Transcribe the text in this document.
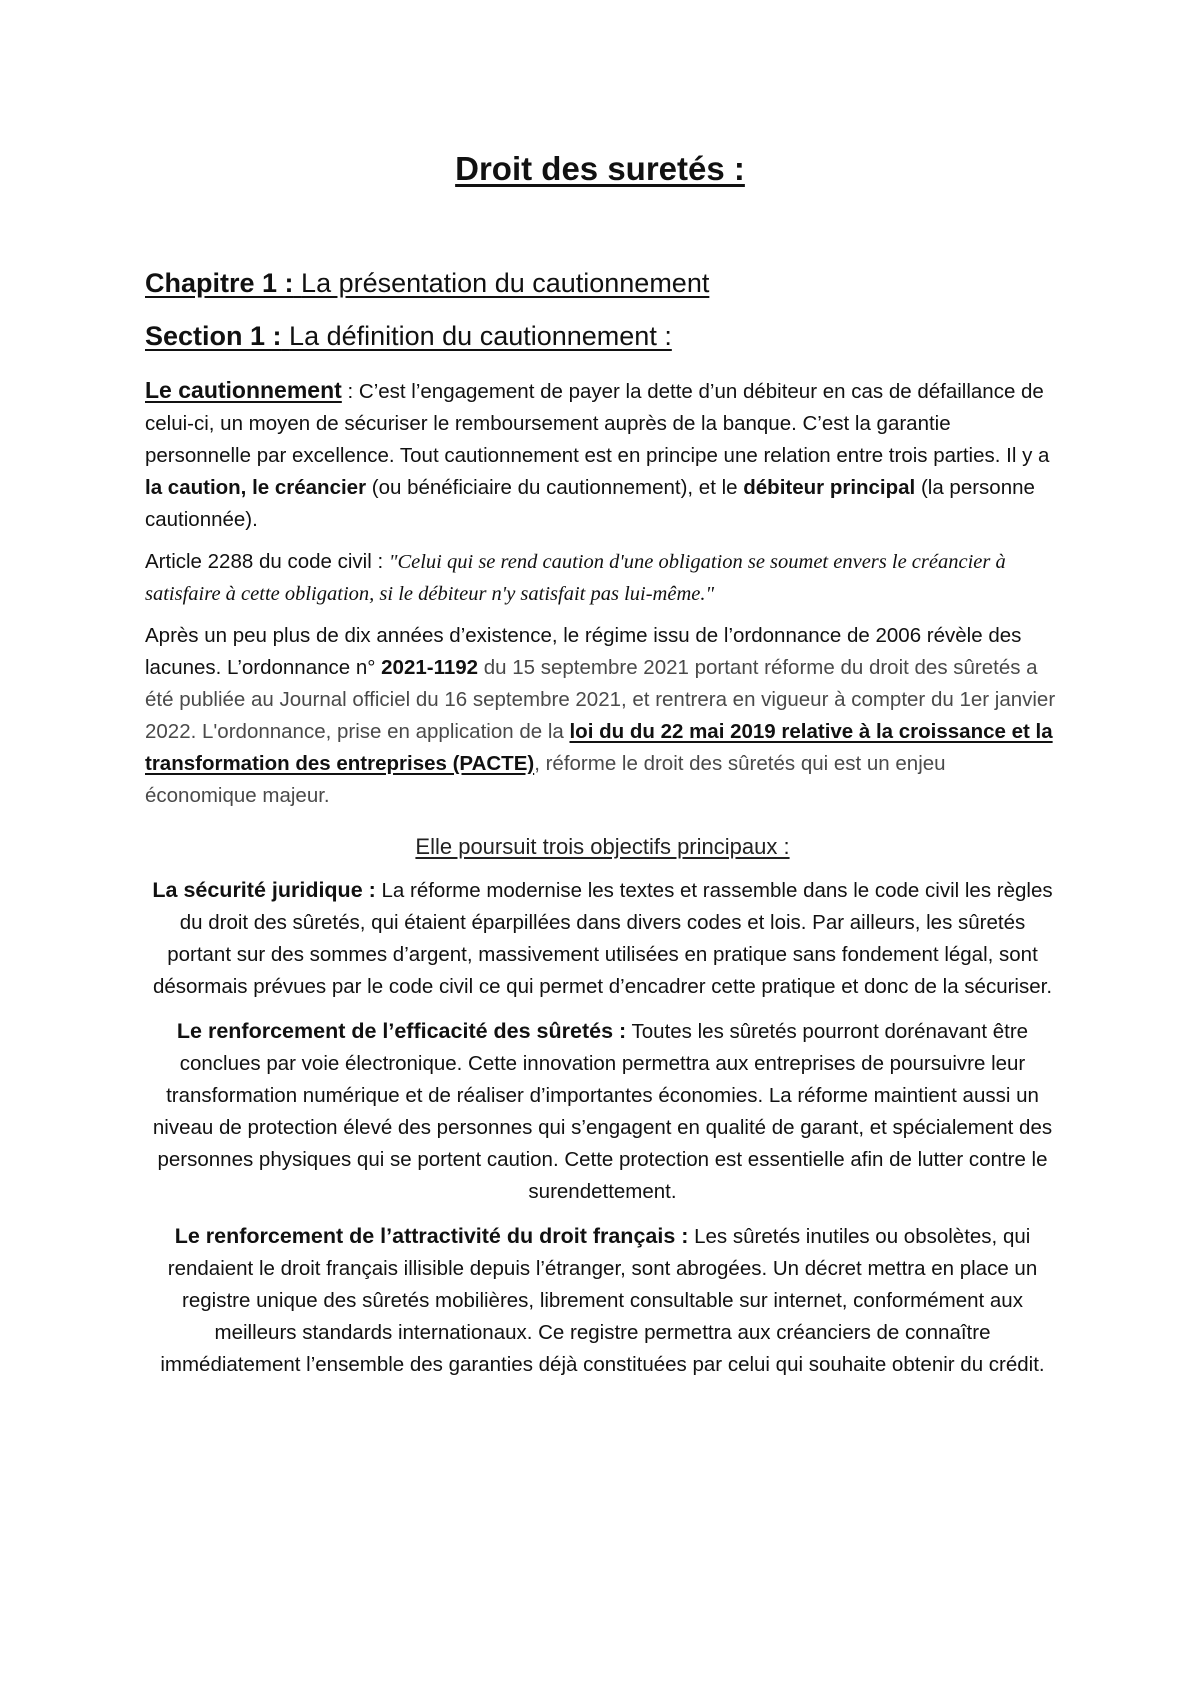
Droit des suretés :
Chapitre 1 : La présentation du cautionnement
Section 1 : La définition du cautionnement :

Le cautionnement : C’est l’engagement de payer la dette d’un débiteur en cas de défaillance de celui-ci, un moyen de sécuriser le remboursement auprès de la banque. C’est la garantie personnelle par excellence. Tout cautionnement est en principe une relation entre trois parties. Il y a la caution, le créancier (ou bénéficiaire du cautionnement), et le débiteur principal (la personne cautionnée).

Article 2288 du code civil : "Celui qui se rend caution d'une obligation se soumet envers le créancier à satisfaire à cette obligation, si le débiteur n'y satisfait pas lui-même."

Après un peu plus de dix années d’existence, le régime issu de l’ordonnance de 2006 révèle des lacunes. L’ordonnance n° 2021-1192 du 15 septembre 2021 portant réforme du droit des sûretés a été publiée au Journal officiel du 16 septembre 2021, et rentrera en vigueur à compter du 1er janvier 2022. L'ordonnance, prise en application de la loi du du 22 mai 2019 relative à la croissance et la transformation des entreprises (PACTE), réforme le droit des sûretés qui est un enjeu économique majeur.

Elle poursuit trois objectifs principaux :

La sécurité juridique : La réforme modernise les textes et rassemble dans le code civil les règles du droit des sûretés, qui étaient éparpillées dans divers codes et lois. Par ailleurs, les sûretés portant sur des sommes d’argent, massivement utilisées en pratique sans fondement légal, sont désormais prévues par le code civil ce qui permet d’encadrer cette pratique et donc de la sécuriser.

Le renforcement de l’efficacité des sûretés : Toutes les sûretés pourront dorénavant être conclues par voie électronique. Cette innovation permettra aux entreprises de poursuivre leur transformation numérique et de réaliser d’importantes économies. La réforme maintient aussi un niveau de protection élevé des personnes qui s’engagent en qualité de garant, et spécialement des personnes physiques qui se portent caution. Cette protection est essentielle afin de lutter contre le surendettement.

Le renforcement de l’attractivité du droit français : Les sûretés inutiles ou obsolètes, qui rendaient le droit français illisible depuis l’étranger, sont abrogées. Un décret mettra en place un registre unique des sûretés mobilières, librement consultable sur internet, conformément aux meilleurs standards internationaux. Ce registre permettra aux créanciers de connaître immédiatement l’ensemble des garanties déjà constituées par celui qui souhaite obtenir du crédit.
